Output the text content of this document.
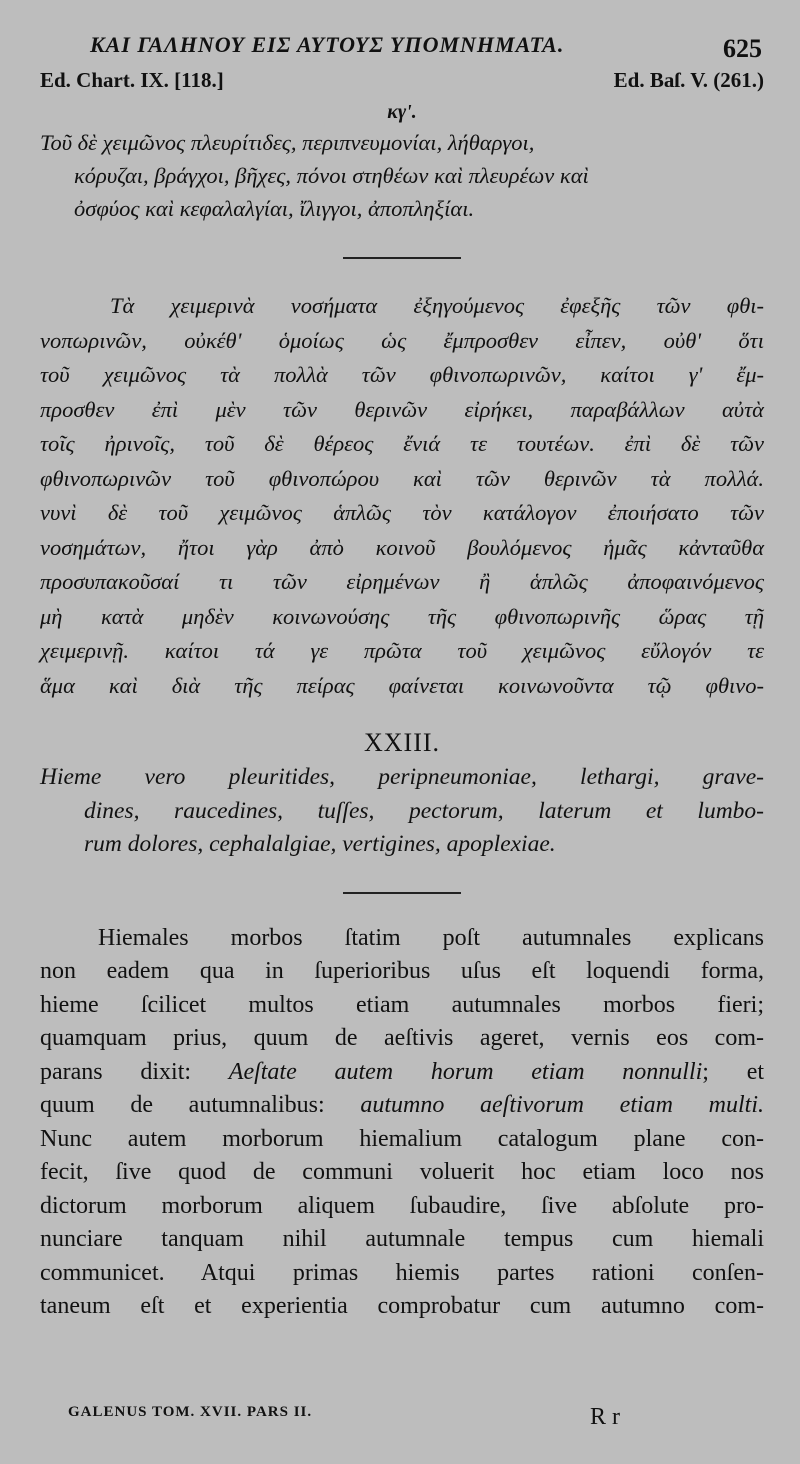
ΚΑΙ ΓΑΛΗΝΟΥ ΕΙΣ ΑΥΤΟΥΣ ΥΠΟΜΝΗΜΑΤΑ.	625
Ed. Chart. IX. [118.]	Ed. Baſ. V. (261.)
κγ'.
Τοῦ δὲ χειμῶνος πλευρίτιδες, περιπνευμονίαι, λήθαργοι,
κόρυζαι, βράγχοι, βῆχες, πόνοι στηθέων καὶ πλευρέων καὶ
ὀσφύος καὶ κεφαλαλγίαι, ἴλιγγοι, ἀποπληξίαι.
Τὰ χειμερινὰ νοσήματα ἐξηγούμενος ἐφεξῆς τῶν φθι-
νοπωρινῶν, οὐκέθ' ὁμοίως ὡς ἔμπροσθεν εἶπεν, οὐθ' ὅτι
τοῦ χειμῶνος τὰ πολλὰ τῶν φθινοπωρινῶν, καίτοι γ' ἔμ-
προσθεν ἐπὶ μὲν τῶν θερινῶν εἰρήκει, παραβάλλων αὐτὰ
τοῖς ἠρινοῖς, τοῦ δὲ θέρεος ἔνιά τε τουτέων. ἐπὶ δὲ τῶν
φθινοπωρινῶν τοῦ φθινοπώρου καὶ τῶν θερινῶν τὰ πολλά.
νυνὶ δὲ τοῦ χειμῶνος ἁπλῶς τὸν κατάλογον ἐποιήσατο τῶν
νοσημάτων, ἤτοι γὰρ ἀπὸ κοινοῦ βουλόμενος ἡμᾶς κἀνταῦθα
προσυπακοῦσαί τι τῶν εἰρημένων ἢ ἁπλῶς ἀποφαινόμενος
μὴ κατὰ μηδὲν κοινωνούσης τῆς φθινοπωρινῆς ὥρας τῇ
χειμερινῇ. καίτοι τά γε πρῶτα τοῦ χειμῶνος εὔλογόν τε
ἅμα καὶ διὰ τῆς πείρας φαίνεται κοινωνοῦντα τῷ φθινο-
XXIII.
Hieme vero pleuritides, peripneumoniae, lethargi, grave-
dines, raucedines, tuſſes, pectorum, laterum et lumbo-
rum dolores, cephalalgiae, vertigines, apoplexiae.
Hiemales morbos ſtatim poſt autumnales explicans
non eadem qua in ſuperioribus uſus eſt loquendi forma,
hieme ſcilicet multos etiam autumnales morbos fieri;
quamquam prius, quum de aeſtivis ageret, vernis eos com-
parans dixit: Aeſtate autem horum etiam nonnulli; et
quum de autumnalibus: autumno aeſtivorum etiam multi.
Nunc autem morborum hiemalium catalogum plane con-
fecit, ſive quod de communi voluerit hoc etiam loco nos
dictorum morborum aliquem ſubaudire, ſive abſolute pro-
nunciare tanquam nihil autumnale tempus cum hiemali
communicet. Atqui primas hiemis partes rationi conſen-
taneum eſt et experientia comprobatur cum autumno com-
GALENUS TOM. XVII. PARS II.	R r
